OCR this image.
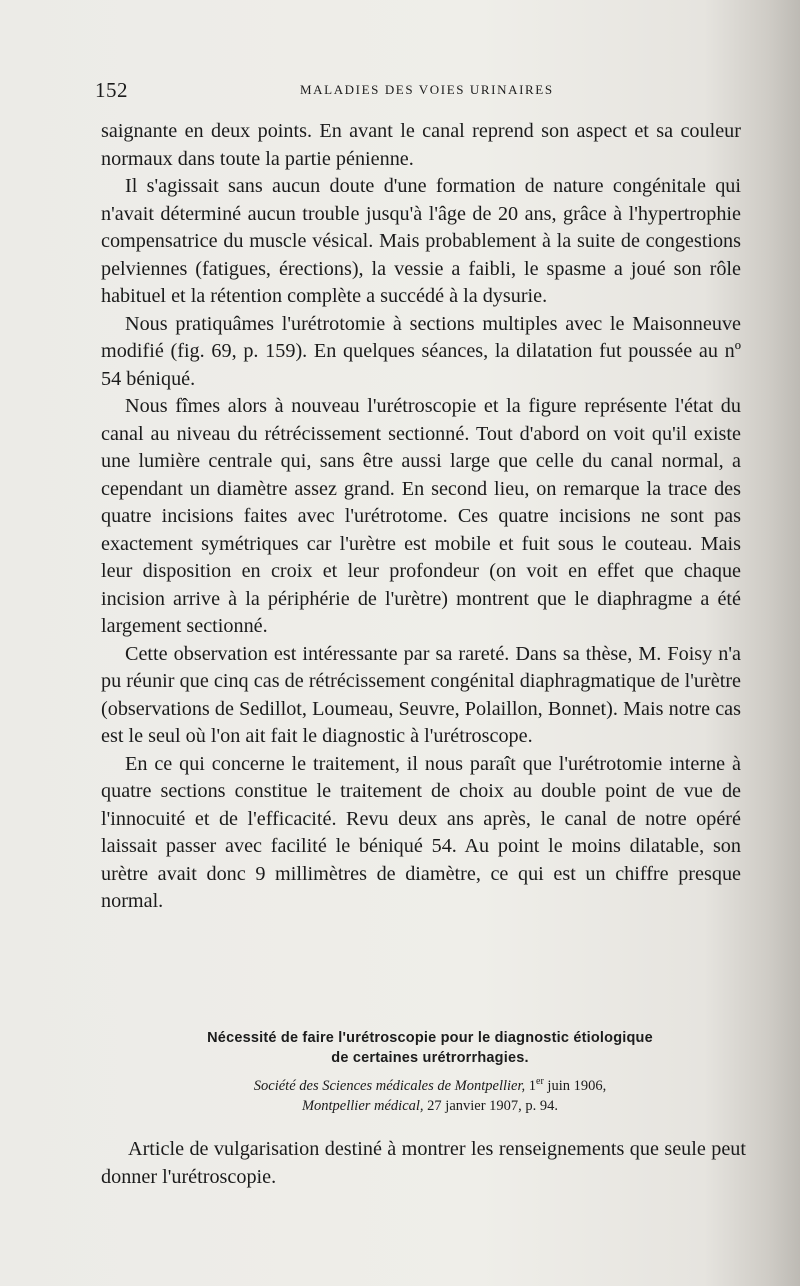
152	MALADIES DES VOIES URINAIRES

saignante en deux points. En avant le canal reprend son aspect et sa couleur normaux dans toute la partie pénienne.

Il s'agissait sans aucun doute d'une formation de nature congénitale qui n'avait déterminé aucun trouble jusqu'à l'âge de 20 ans, grâce à l'hypertrophie compensatrice du muscle vésical. Mais probablement à la suite de congestions pelviennes (fatigues, érections), la vessie a faibli, le spasme a joué son rôle habituel et la rétention complète a succédé à la dysurie.

Nous pratiquâmes l'urétrotomie à sections multiples avec le Maisonneuve modifié (fig. 69, p. 159). En quelques séances, la dilatation fut poussée au nº 54 béniqué.

Nous fîmes alors à nouveau l'urétroscopie et la figure représente l'état du canal au niveau du rétrécissement sectionné. Tout d'abord on voit qu'il existe une lumière centrale qui, sans être aussi large que celle du canal normal, a cependant un diamètre assez grand. En second lieu, on remarque la trace des quatre incisions faites avec l'urétrotome. Ces quatre incisions ne sont pas exactement symétriques car l'urètre est mobile et fuit sous le couteau. Mais leur disposition en croix et leur profondeur (on voit en effet que chaque incision arrive à la périphérie de l'urètre) montrent que le diaphragme a été largement sectionné.

Cette observation est intéressante par sa rareté. Dans sa thèse, M. Foisy n'a pu réunir que cinq cas de rétrécissement congénital diaphragmatique de l'urètre (observations de Sedillot, Loumeau, Seuvre, Polaillon, Bonnet). Mais notre cas est le seul où l'on ait fait le diagnostic à l'urétroscope.

En ce qui concerne le traitement, il nous paraît que l'urétrotomie interne à quatre sections constitue le traitement de choix au double point de vue de l'innocuité et de l'efficacité. Revu deux ans après, le canal de notre opéré laissait passer avec facilité le béniqué 54. Au point le moins dilatable, son urètre avait donc 9 millimètres de diamètre, ce qui est un chiffre presque normal.

Nécessité de faire l'urétroscopie pour le diagnostic étiologique
de certaines urétrorrhagies.
Société des Sciences médicales de Montpellier, 1er juin 1906,
Montpellier médical, 27 janvier 1907, p. 94.

Article de vulgarisation destiné à montrer les renseignements que seule peut donner l'urétroscopie.
